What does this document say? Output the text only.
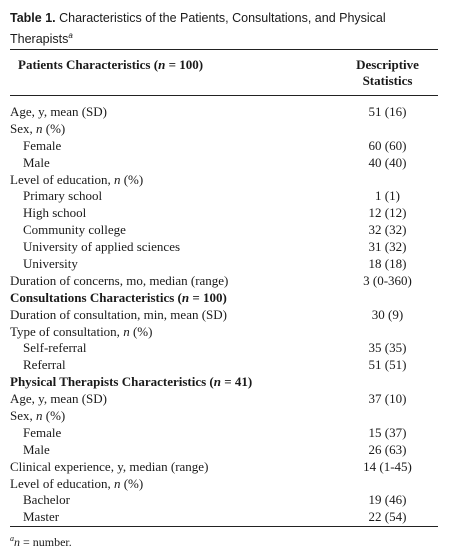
Table 1. Characteristics of the Patients, Consultations, and Physical Therapists$^a$
Patients Characteristics (n = 100)	Descriptive
Statistics
Age, y, mean (SD)	51 (16)
Sex, n (%)
Female	60 (60)
Male	40 (40)
Level of education, n (%)
Primary school	1 (1)
High school	12 (12)
Community college	32 (32)
University of applied sciences	31 (32)
University	18 (18)
Duration of concerns, mo, median (range)	3 (0-360)
Consultations Characteristics (n = 100)
Duration of consultation, min, mean (SD)	30 (9)
Type of consultation, n (%)
Self-referral	35 (35)
Referral	51 (51)
Physical Therapists Characteristics (n = 41)
Age, y, mean (SD)	37 (10)
Sex, n (%)
Female	15 (37)
Male	26 (63)
Clinical experience, y, median (range)	14 (1-45)
Level of education, n (%)
Bachelor	19 (46)
Master	22 (54)
$^a$n = number.
